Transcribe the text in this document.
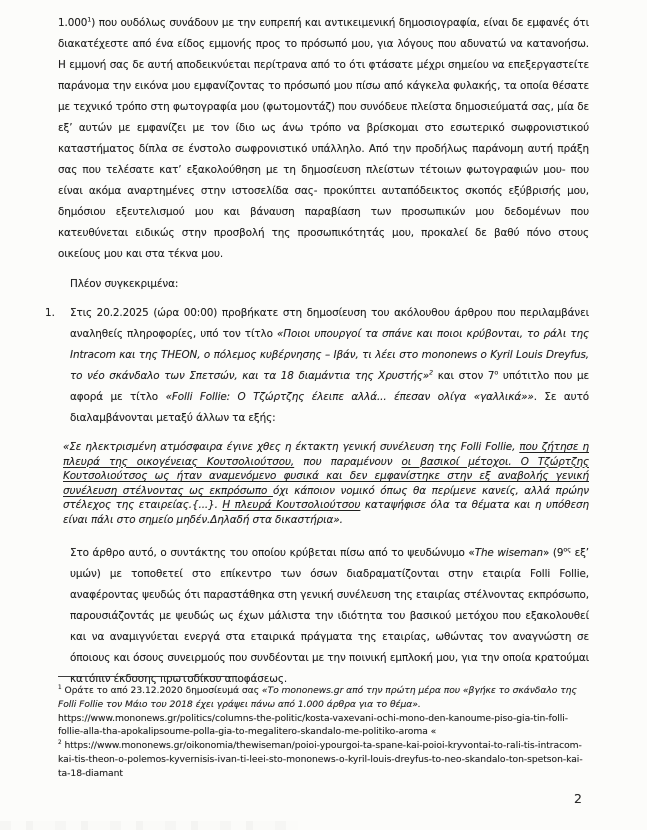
1.000$^1$) που ουδόλως συνάδουν με την ευπρεπή και αντικειμενική δημοσιογραφία, είναι δε εμφανές ότι διακατέχεστε από ένα είδος εμμονής προς το πρόσωπό μου, για λόγους που αδυνατώ να κατανοήσω. Η εμμονή σας δε αυτή αποδεικνύεται περίτρανα από το ότι φτάσατε μέχρι σημείου να επεξεργαστείτε παράνομα την εικόνα μου εμφανίζοντας το πρόσωπό μου πίσω από κάγκελα φυλακής, τα οποία θέσατε με τεχνικό τρόπο στη φωτογραφία μου (φωτομοντάζ) που συνόδευε πλείστα δημοσιεύματά σας, μία δε εξ’ αυτών με εμφανίζει με τον ίδιο ως άνω τρόπο να βρίσκομαι στο εσωτερικό σωφρονιστικού καταστήματος δίπλα σε ένστολο σωφρονιστικό υπάλληλο. Από την προδήλως παράνομη αυτή πράξη σας που τελέσατε κατ’ εξακολούθηση με τη δημοσίευση πλείστων τέτοιων φωτογραφιών μου- που είναι ακόμα αναρτημένες στην ιστοσελίδα σας- προκύπτει αυταπόδεικτος σκοπός εξύβρισής μου, δημόσιου εξευτελισμού μου και βάναυση παραβίαση των προσωπικών μου δεδομένων που κατευθύνεται ειδικώς στην προσβολή της προσωπικότητάς μου, προκαλεί δε βαθύ πόνο στους οικείους μου και στα τέκνα μου.

Πλέον συγκεκριμένα:

1.	Στις 20.2.2025 (ώρα 00:00) προβήκατε στη δημοσίευση του ακόλουθου άρθρου που περιλαμβάνει αναληθείς πληροφορίες, υπό τον τίτλο «Ποιοι υπουργοί τα σπάνε και ποιοι κρύβονται, το ράλι της Intracom και της THEON, ο πόλεμος κυβέρνησης – Ιβάν, τι λέει στο mononews ο Kyril Louis Dreyfus, το νέο σκάνδαλο των Σπετσών, και τα 18 διαμάντια της Χρυστής»$^2$ και στον $7^o$ υπότιτλο που με αφορά με τίτλο «Folli Follie: Ο Τζώρτζης έλειπε αλλά... έπεσαν ολίγα «γαλλικά»». Σε αυτό διαλαμβάνονται μεταξύ άλλων τα εξής:

«Σε ηλεκτρισμένη ατμόσφαιρα έγινε χθες η έκτακτη γενική συνέλευση της Folli Follie, που ζήτησε η πλευρά της οικογένειας Κουτσολιούτσου, που παραμένουν οι βασικοί μέτοχοι. Ο Τζώρτζης Κουτσολιούτσος ως ήταν αναμενόμενο φυσικά και δεν εμφανίστηκε στην εξ αναβολής γενική συνέλευση στέλνοντας ως εκπρόσωπο όχι κάποιον νομικό όπως θα περίμενε κανείς, αλλά πρώην στέλεχος της εταιρείας.{...}. Η πλευρά Κουτσολιούτσου καταψήφισε όλα τα θέματα και η υπόθεση είναι πάλι στο σημείο μηδέν.Δηλαδή στα δικαστήρια».

Στο άρθρο αυτό, ο συντάκτης του οποίου κρύβεται πίσω από το ψευδώνυμο «The wiseman» ($9^{o\varsigma}$ εξ’ υμών) με τοποθετεί στο επίκεντρο των όσων διαδραματίζονται στην εταιρία Folli Follie, αναφέροντας ψευδώς ότι παραστάθηκα στη γενική συνέλευση της εταιρίας στέλνοντας εκπρόσωπο, παρουσιάζοντάς με ψευδώς ως έχων μάλιστα την ιδιότητα του βασικού μετόχου που εξακολουθεί και να αναμιγνύεται ενεργά στα εταιρικά πράγματα της εταιρίας, ωθώντας τον αναγνώστη σε όποιους και όσους συνειρμούς που συνδέονται με την ποινική εμπλοκή μου, για την οποία κρατούμαι κατόπιν έκδοσης πρωτοδίκου αποφάσεως.

$^1$ Οράτε το από 23.12.2020 δημοσίευμά σας «Το mononews.gr από την πρώτη μέρα που «βγήκε το σκάνδαλο της Folli Follie τον Μάιο του 2018 έχει γράψει πάνω από 1.000 άρθρα για το θέμα».
https://www.mononews.gr/politics/columns-the-politic/kosta-vaxevani-ochi-mono-den-kanoume-piso-gia-tin-folli-follie-alla-tha-apokalipsoume-polla-gia-to-megalitero-skandalo-me-politiko-aroma «

$^2$ https://www.mononews.gr/oikonomia/thewiseman/poioi-ypourgoi-ta-spane-kai-poioi-kryvontai-to-rali-tis-intracom-kai-tis-theon-o-polemos-kyvernisis-ivan-ti-leei-sto-mononews-o-kyril-louis-dreyfus-to-neo-skandalo-ton-spetson-kai-ta-18-diamant

2
